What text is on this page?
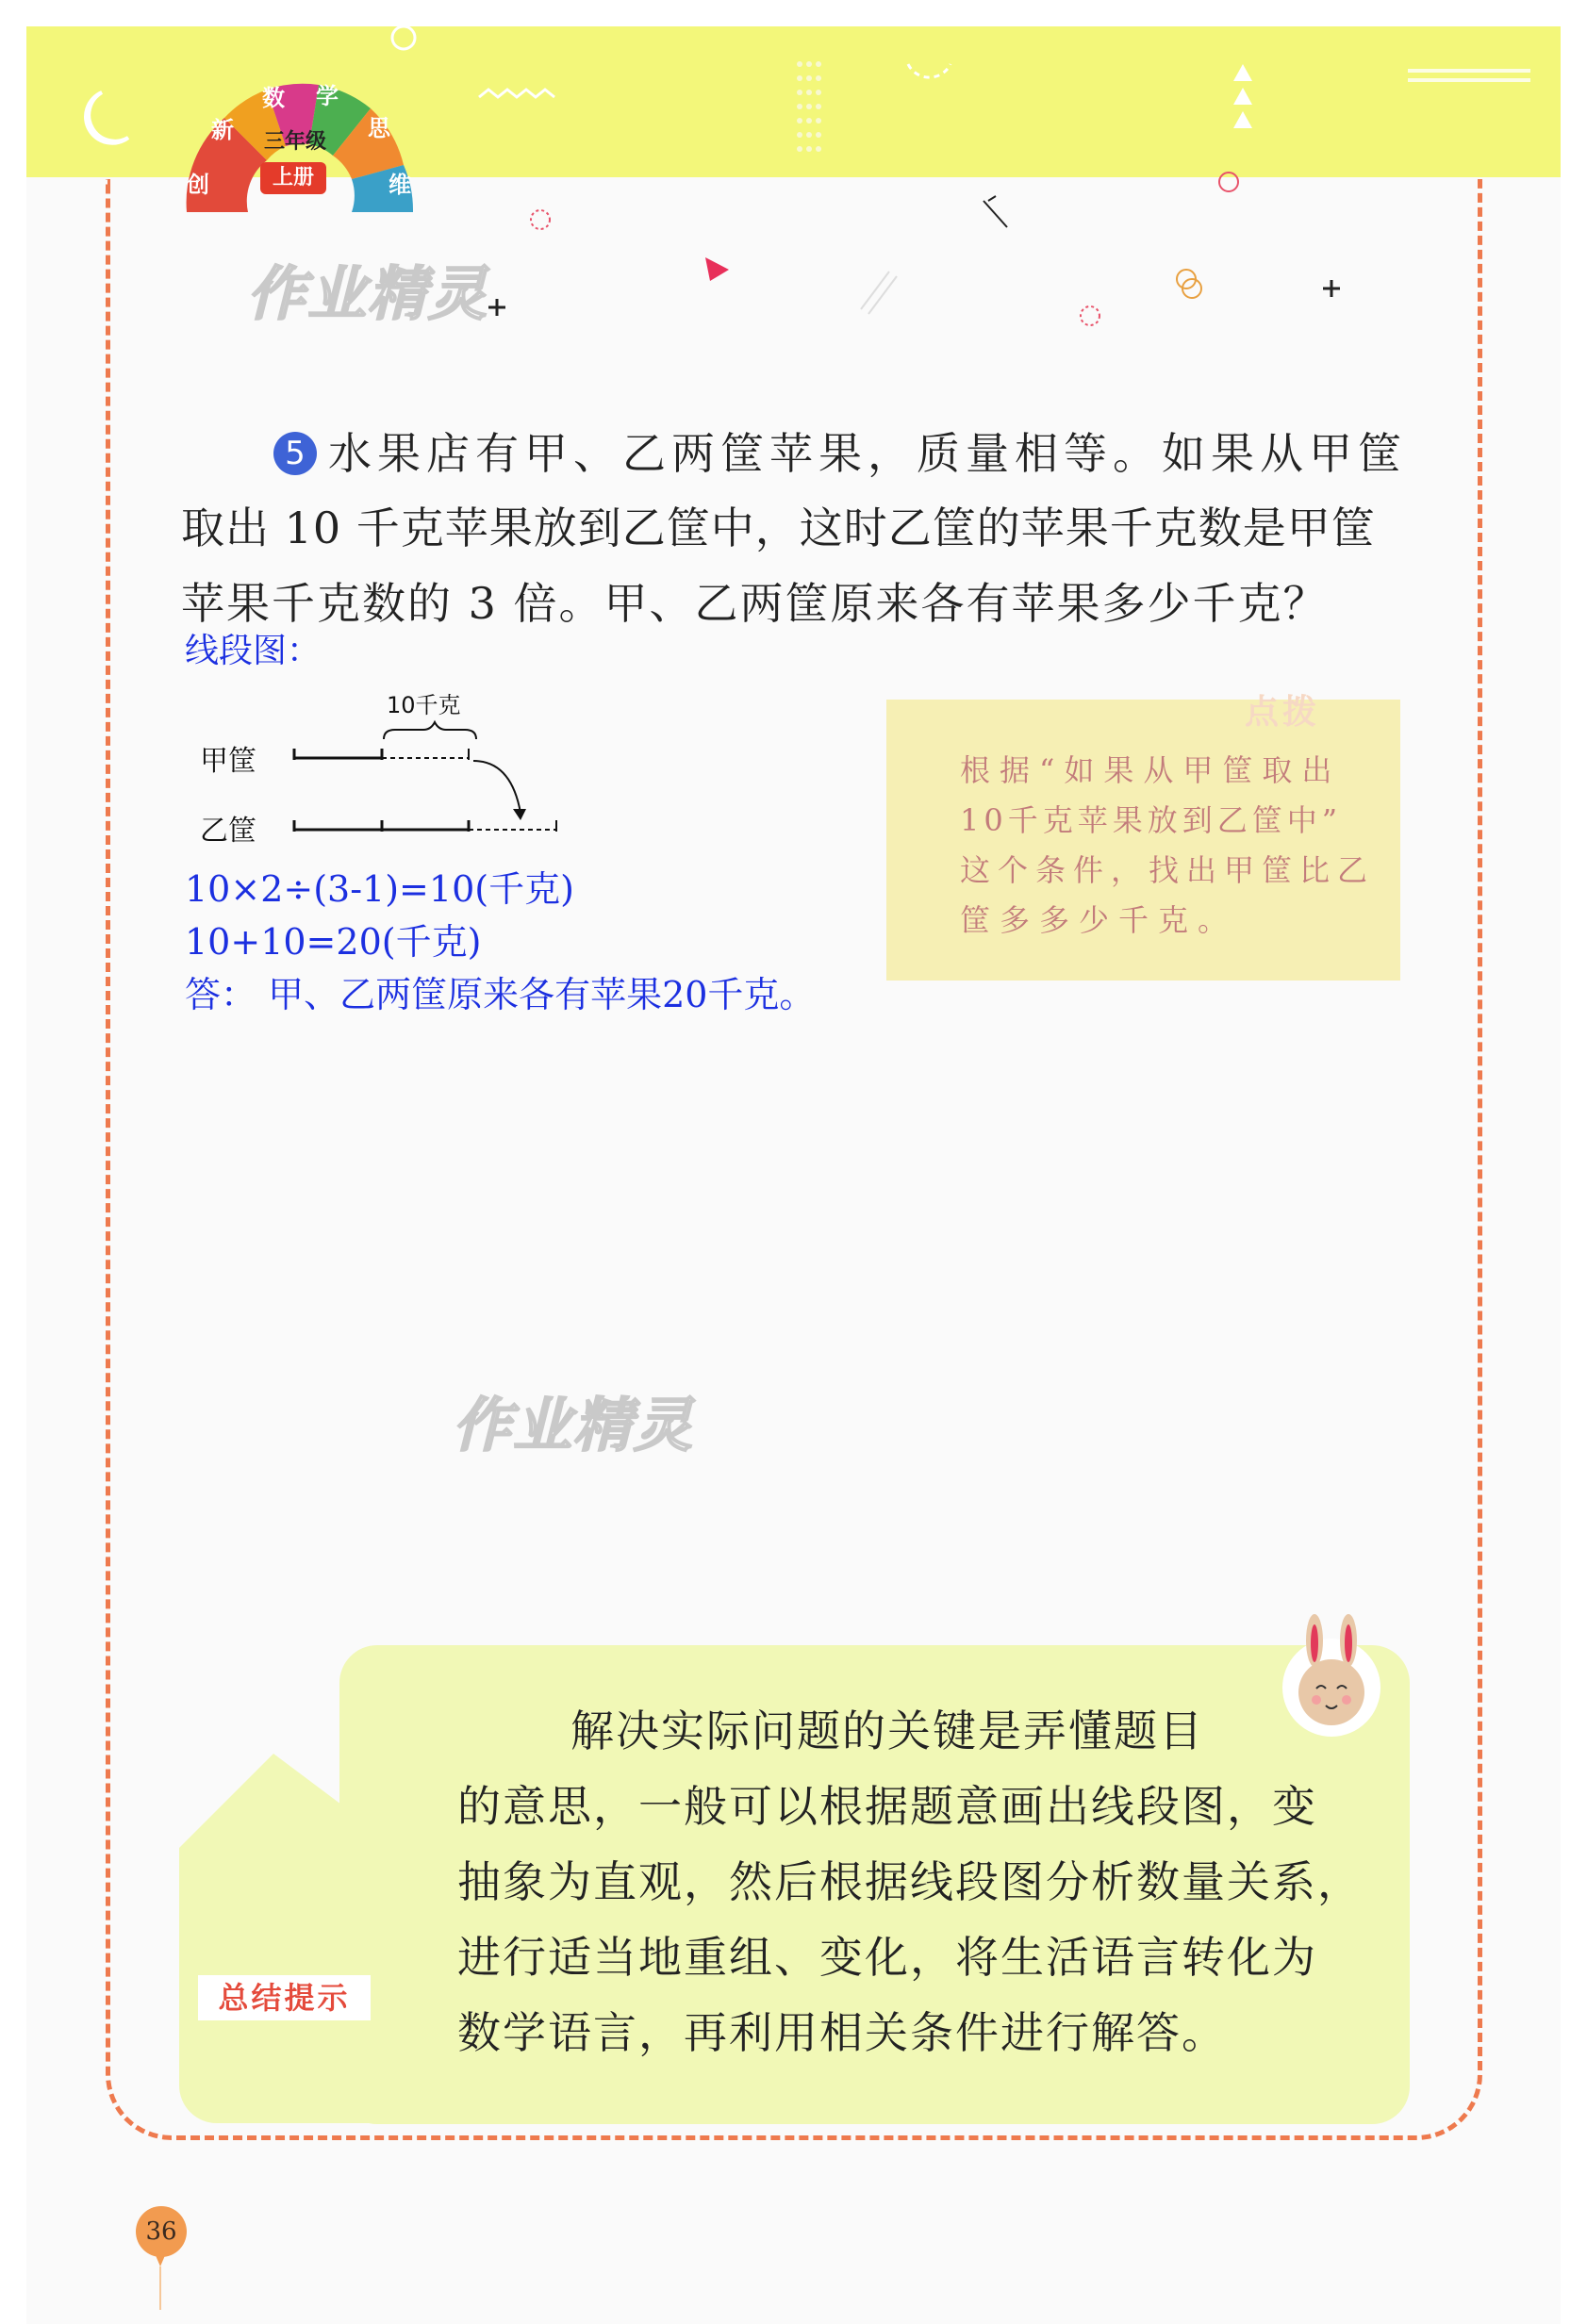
创
新
数 学
思
维
三年级
上册
作业精灵
作业精灵
5 水果店有甲、乙两筐苹果，质量相等。如果从甲筐
取出 10 千克苹果放到乙筐中，这时乙筐的苹果千克数是甲筐
苹果千克数的 3 倍。甲、乙两筐原来各有苹果多少千克？
线段图：
10千克
甲筐
乙筐
10×2÷(3-1)=10(千克)
10+10=20(千克)
答： 甲、乙两筐原来各有苹果20千克。
点拨
根据“如果从甲筐取出
10千克苹果放到乙筐中”
这个条件，找出甲筐比乙
筐多多少千克。
总结提示
解决实际问题的关键是弄懂题目
的意思，一般可以根据题意画出线段图，变
抽象为直观，然后根据线段图分析数量关系，
进行适当地重组、变化，将生活语言转化为
数学语言，再利用相关条件进行解答。
36
